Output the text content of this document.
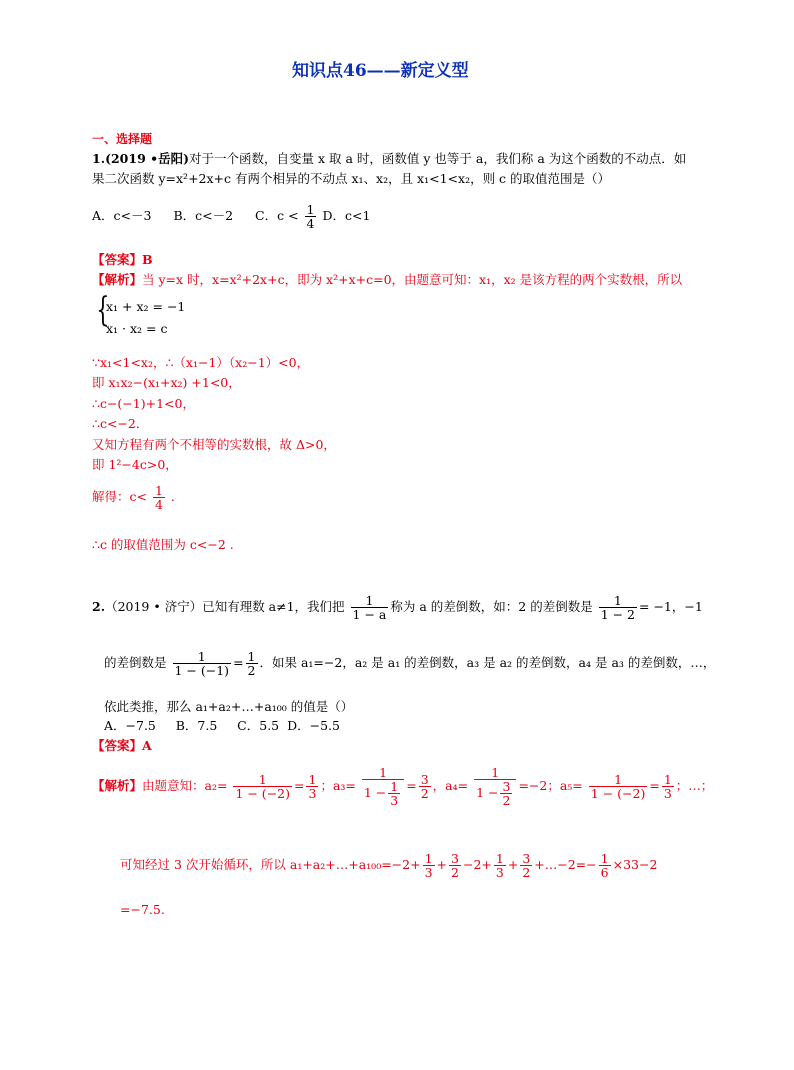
知识点46——新定义型
一、选择题
1.(2019 •岳阳)对于一个函数，自变量 x 取 a 时，函数值 y 也等于 a，我们称 a 为这个函数的不动点．如
果二次函数 y=x²+2x+c 有两个相异的不动点 x₁、x₂，且 x₁<1<x₂，则 c 的取值范围是（）
A．c<－3 B．c<－2 C．$c < \frac{1}{4}$ D．c<1
【答案】B
【解析】当 y=x 时，x=x²+2x+c，即为 x²+x+c=0，由题意可知：x₁，x₂ 是该方程的两个实数根，所以
{
x₁ + x₂ = −1
x₁ · x₂ = c
∵x₁<1<x₂，∴（x₁−1）（x₂−1）<0，
即 x₁x₂−(x₁+x₂) +1<0，
∴c−(−1)+1<0，
∴c<−2．
又知方程有两个不相等的实数根，故 Δ>0，
即 1²−4c>0，
解得：$c< \frac{1}{4}$ .
∴c 的取值范围为 c<−2 .
2.（2019 • 济宁）已知有理数 a≠1，我们把 $\frac{1}{1 - a}$ 称为 a 的差倒数，如：2 的差倒数是 $\frac{1}{1 - 2} = -1$，−1
的差倒数是 $\frac{1}{1 - (-1)} = \frac{1}{2}$ ．如果 a₁=−2，a₂ 是 a₁ 的差倒数，a₃ 是 a₂ 的差倒数，a₄ 是 a₃ 的差倒数，…，
依此类推，那么 a₁+a₂+…+a₁₀₀ 的值是（）
A．−7.5     B．7.5     C．5.5  D．−5.5
【答案】A
【解析】由题意知：$a_2= \frac{1}{1 - (-2)} = \frac{1}{3}$ ；$a_3= \frac{1}{1 - \frac{1}{3}} = \frac{3}{2}$ ，$a_4= \frac{1}{1 - \frac{3}{2}} =-2$；$a_5= \frac{1}{1 - (-2)} = \frac{1}{3}$ ；…；
可知经过 3 次开始循环，所以 a₁+a₂+…+a₁₀₀=−2+ $\frac{1}{3} + \frac{3}{2} -2+ \frac{1}{3} + \frac{3}{2}$ +…−2=− $\frac{1}{6} \times 33-2$
=−7.5.
